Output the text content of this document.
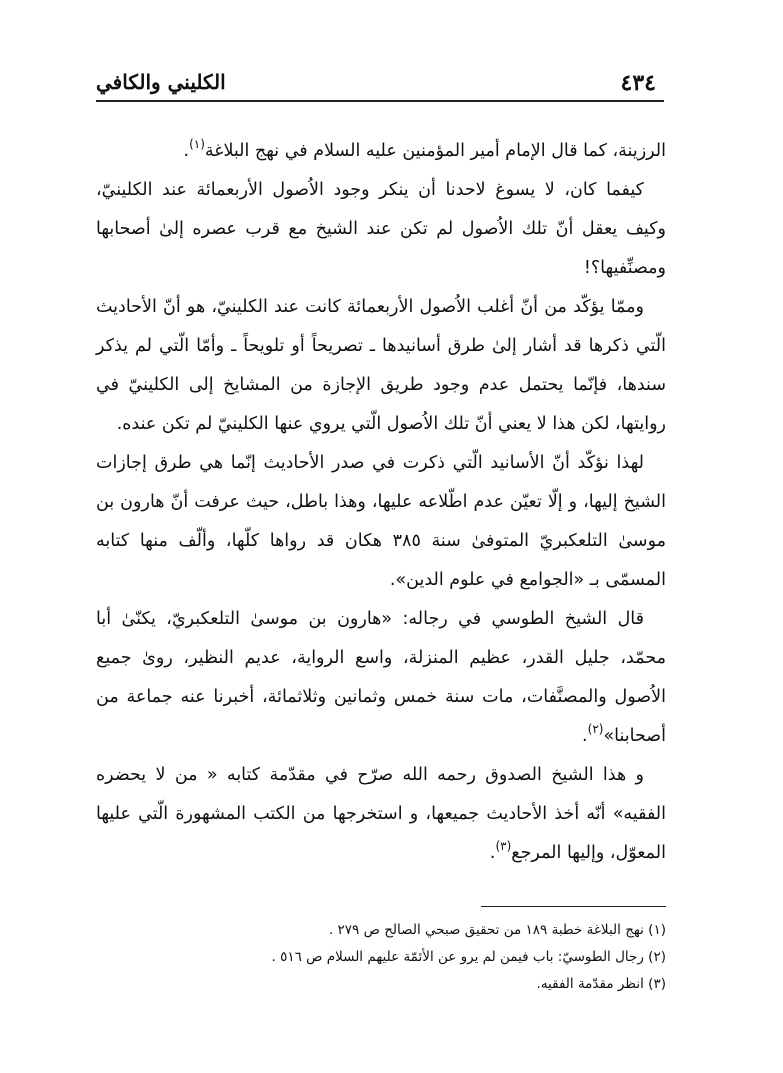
٤٣٤
الكليني والكافي

الرزينة، كما قال الإمام أمير المؤمنين عليه السلام في نهج البلاغة$^{(١)}$.

كيفما كان، لا يسوغ لاحدنا أن ينكر وجود الاُصول الأربعمائة عند الكلينيّ، وكيف يعقل أنّ تلك الاُصول لم تكن عند الشيخ مع قرب عصره إلىٰ أصحابها ومصنِّفيها؟!

وممّا يؤكّد من أنّ أغلب الاُصول الأربعمائة كانت عند الكلينيّ، هو أنّ الأحاديث الّتي ذكرها قد أشار إلىٰ طرق أسانيدها ـ تصريحاً أو تلويحاً ـ وأمّا الّتي لم يذكر سندها، فإنّما يحتمل عدم وجود طريق الإجازة من المشايخ إلى الكلينيّ في روايتها، لكن هذا لا يعني أنّ تلك الاُصول الّتي يروي عنها الكلينيّ لم تكن عنده.

لهذا نؤكّد أنّ الأسانيد الّتي ذكرت في صدر الأحاديث إنّما هي طرق إجازات الشيخ إليها، و إلّا تعيّن عدم اطّلاعه عليها، وهذا باطل، حيث عرفت أنّ هارون بن موسىٰ التلعكبريّ المتوفىٰ سنة ٣٨٥ هكان قد رواها كلّها، وألّف منها كتابه المسمّى بـ «الجوامع في علوم الدين».

قال الشيخ الطوسي في رجاله: «هارون بن موسىٰ التلعكبريّ، يكنّىٰ أبا محمّد، جليل القدر، عظيم المنزلة، واسع الرواية، عديم النظير، روىٰ جميع الاُصول والمصنَّفات، مات سنة خمس وثمانين وثلاثمائة، أخبرنا عنه جماعة من أصحابنا»$^{(٢)}$.

و هذا الشيخ الصدوق رحمه الله صرّح في مقدّمة كتابه « من لا يحضره الفقيه» أنّه أخذ الأحاديث جميعها، و استخرجها من الكتب المشهورة الّتي عليها المعوّل، وإليها المرجع$^{(٣)}$.

(١) نهج البلاغة خطبة ١٨٩ من تحقيق صبحي الصالح ص ٢٧٩ .
(٢) رجال الطوسيّ: باب فيمن لم يرو عن الأئمّة عليهم السلام ص ٥١٦ .
(٣) انظر مقدّمة الفقيه.
